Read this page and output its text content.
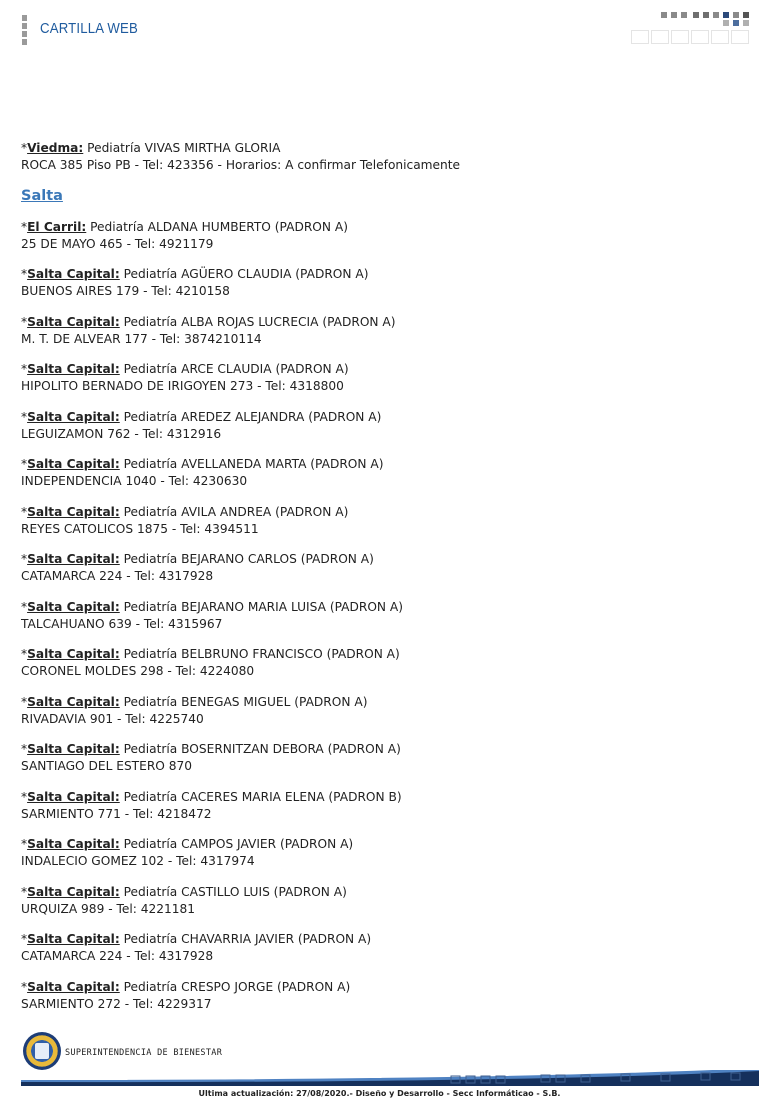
CARTILLA WEB
*Viedma: Pediatría VIVAS MIRTHA GLORIA
ROCA 385 Piso PB - Tel: 423356 - Horarios: A confirmar Telefonicamente
Salta
*El Carril: Pediatría ALDANA HUMBERTO (PADRON A)
25 DE MAYO 465 - Tel: 4921179
*Salta Capital: Pediatría AGÜERO CLAUDIA (PADRON A)
BUENOS AIRES 179 - Tel: 4210158
*Salta Capital: Pediatría ALBA ROJAS LUCRECIA (PADRON A)
M. T. DE ALVEAR 177 - Tel: 3874210114
*Salta Capital: Pediatría ARCE CLAUDIA (PADRON A)
HIPOLITO BERNADO DE IRIGOYEN 273 - Tel: 4318800
*Salta Capital: Pediatría AREDEZ ALEJANDRA (PADRON A)
LEGUIZAMON 762 - Tel: 4312916
*Salta Capital: Pediatría AVELLANEDA MARTA (PADRON A)
INDEPENDENCIA 1040 - Tel: 4230630
*Salta Capital: Pediatría AVILA ANDREA (PADRON A)
REYES CATOLICOS 1875 - Tel: 4394511
*Salta Capital: Pediatría BEJARANO CARLOS (PADRON A)
CATAMARCA 224 - Tel: 4317928
*Salta Capital: Pediatría BEJARANO MARIA LUISA (PADRON A)
TALCAHUANO 639 - Tel: 4315967
*Salta Capital: Pediatría BELBRUNO FRANCISCO (PADRON A)
CORONEL MOLDES 298 - Tel: 4224080
*Salta Capital: Pediatría BENEGAS MIGUEL (PADRON A)
RIVADAVIA 901 - Tel: 4225740
*Salta Capital: Pediatría BOSERNITZAN DEBORA (PADRON A)
SANTIAGO DEL ESTERO 870
*Salta Capital: Pediatría CACERES MARIA ELENA (PADRON B)
SARMIENTO 771 - Tel: 4218472
*Salta Capital: Pediatría CAMPOS JAVIER (PADRON A)
INDALECIO GOMEZ 102 - Tel: 4317974
*Salta Capital: Pediatría CASTILLO LUIS (PADRON A)
URQUIZA 989 - Tel: 4221181
*Salta Capital: Pediatría CHAVARRIA JAVIER (PADRON A)
CATAMARCA 224 - Tel: 4317928
*Salta Capital: Pediatría CRESPO JORGE (PADRON A)
SARMIENTO 272 - Tel: 4229317
SUPERINTENDENCIA DE BIENESTAR
Ultima actualización: 27/08/2020.- Diseño y Desarrollo - Secc Informáticao - S.B.
